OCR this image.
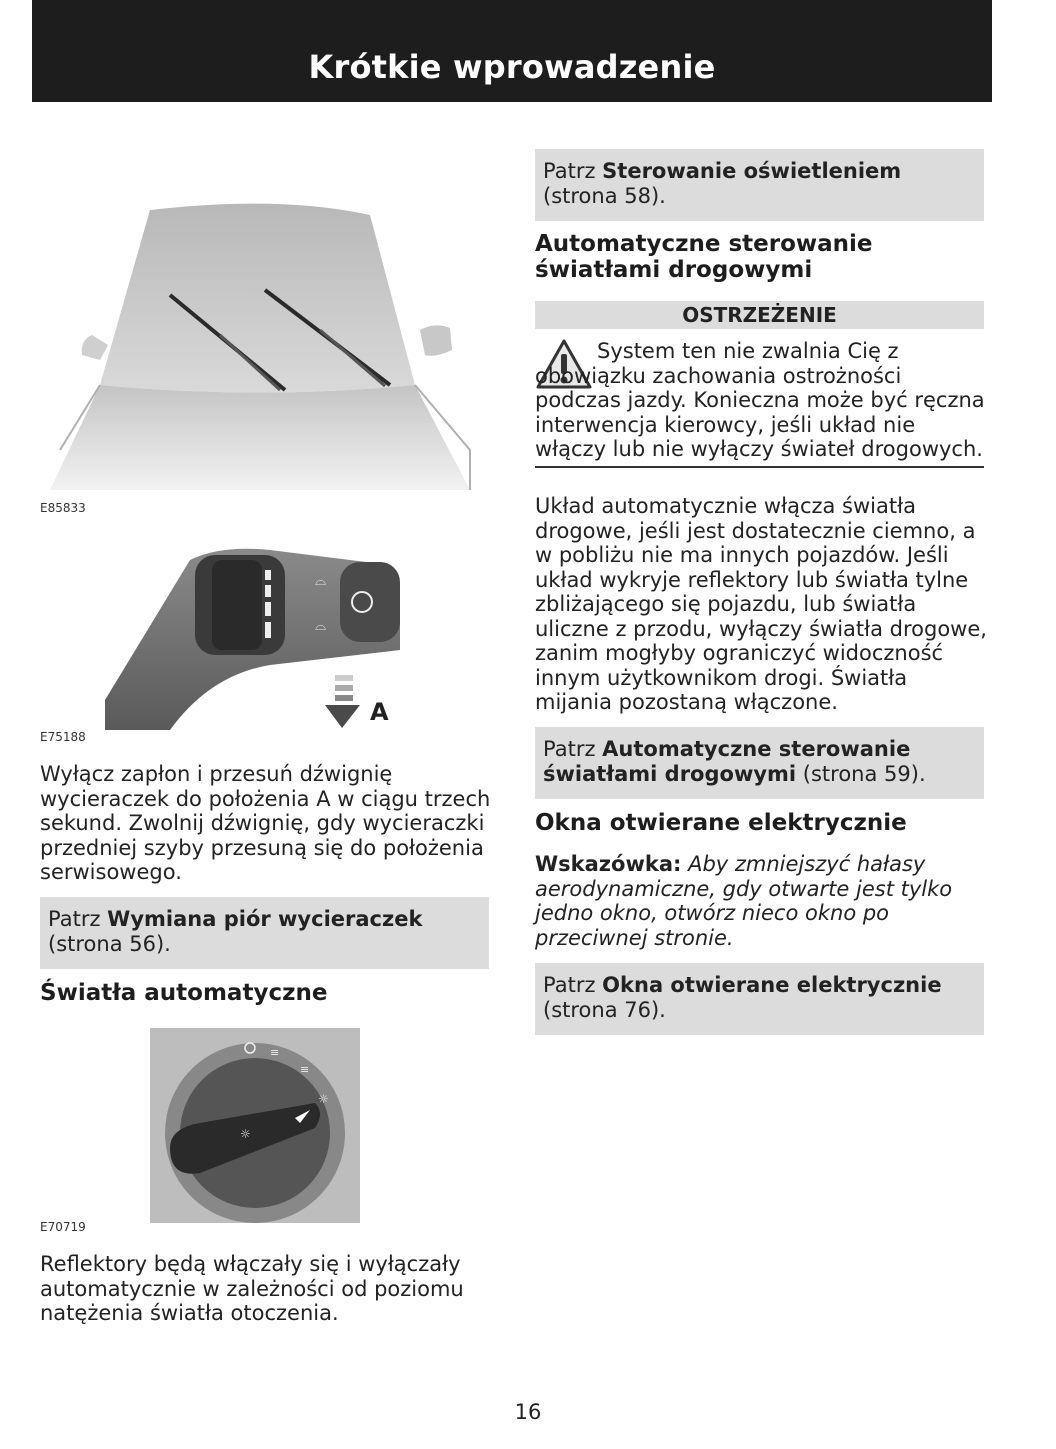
Krótkie wprowadzenie
E85833
⌓
⌓
A
E75188
Wyłącz zapłon i przesuń dźwignię wycieraczek do położenia A w ciągu trzech sekund. Zwolnij dźwignię, gdy wycieraczki przedniej szyby przesuną się do położenia serwisowego.
Patrz Wymiana piór wycieraczek (strona 56).
Światła automatyczne
≡
≡
☼
☼
E70719
Reflektory będą włączały się i wyłączały automatycznie w zależności od poziomu natężenia światła otoczenia.
Patrz Sterowanie oświetleniem (strona 58).
Automatyczne sterowanie światłami drogowymi
OSTRZEŻENIE
System ten nie zwalnia Cię z obowiązku zachowania ostrożności podczas jazdy. Konieczna może być ręczna interwencja kierowcy, jeśli układ nie włączy lub nie wyłączy świateł drogowych.
Układ automatycznie włącza światła drogowe, jeśli jest dostatecznie ciemno, a w pobliżu nie ma innych pojazdów. Jeśli układ wykryje reflektory lub światła tylne zbliżającego się pojazdu, lub światła uliczne z przodu, wyłączy światła drogowe, zanim mogłyby ograniczyć widoczność innym użytkownikom drogi. Światła mijania pozostaną włączone.
Patrz Automatyczne sterowanie światłami drogowymi (strona 59).
Okna otwierane elektrycznie
Wskazówka: Aby zmniejszyć hałasy aerodynamiczne, gdy otwarte jest tylko jedno okno, otwórz nieco okno po przeciwnej stronie.
Patrz Okna otwierane elektrycznie (strona 76).
16
